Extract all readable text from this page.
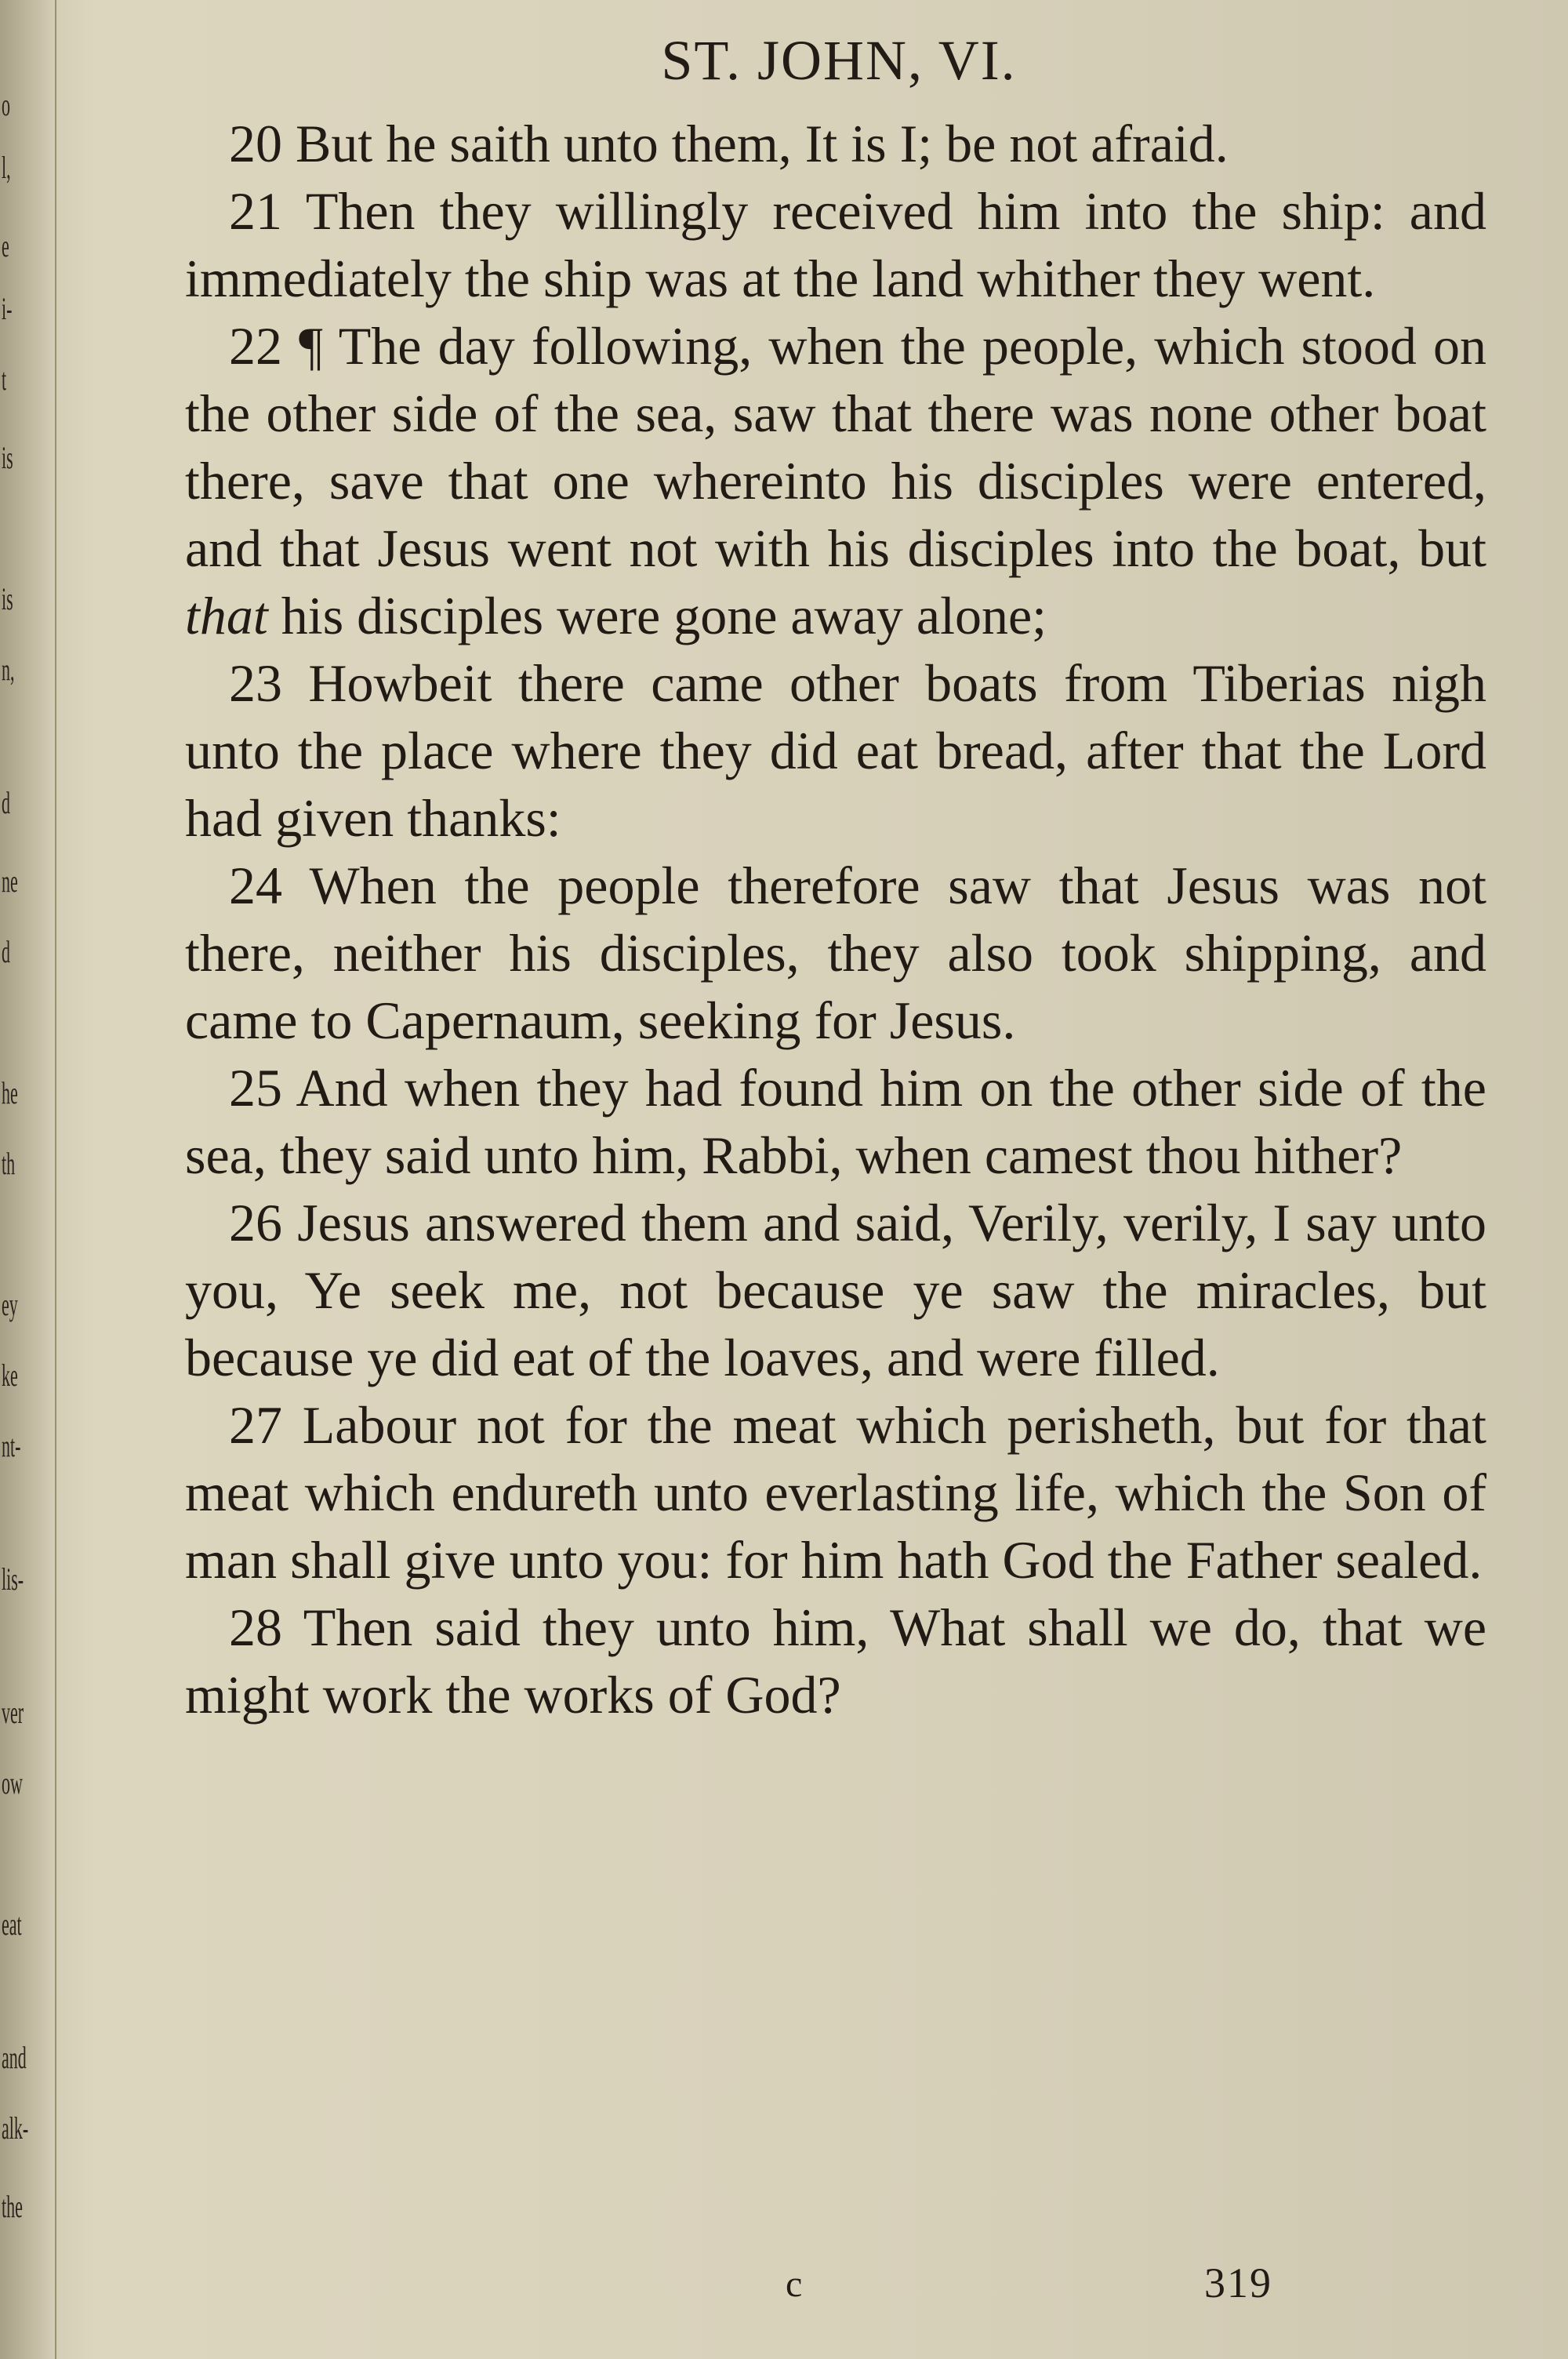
o
l,
e
i-
t
is
is
n,
d
ne
d
he
th
ey
ke
nt-
lis-
ver
ow
eat
and
alk-
the
ST. JOHN, VI.

20 But he saith unto them, It is I; be not afraid.

21 Then they willingly received him into the ship: and immediately the ship was at the land whither they went.

22 ¶ The day following, when the people, which stood on the other side of the sea, saw that there was none other boat there, save that one whereinto his disciples were entered, and that Jesus went not with his disciples into the boat, but that his disciples were gone away alone;

23 Howbeit there came other boats from Tiberias nigh unto the place where they did eat bread, after that the Lord had given thanks:

24 When the people therefore saw that Jesus was not there, neither his disciples, they also took shipping, and came to Capernaum, seeking for Jesus.

25 And when they had found him on the other side of the sea, they said unto him, Rabbi, when camest thou hither?

26 Jesus answered them and said, Verily, verily, I say unto you, Ye seek me, not because ye saw the miracles, but because ye did eat of the loaves, and were filled.

27 Labour not for the meat which perisheth, but for that meat which endureth unto everlasting life, which the Son of man shall give unto you: for him hath God the Father sealed.

28 Then said they unto him, What shall we do, that we might work the works of God?

c	319
